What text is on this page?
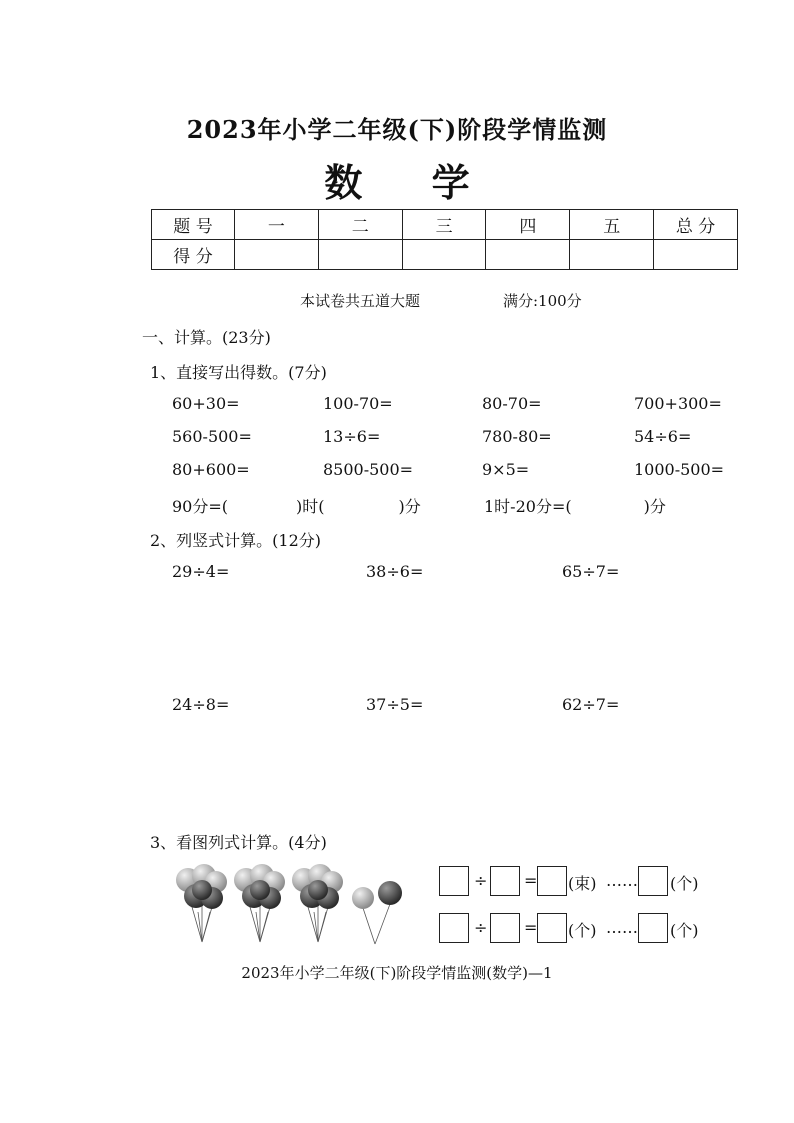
2023年小学二年级(下)阶段学情监测
数 学
题 号	一	二	三	四	五	总 分
得 分						
本试卷共五道大题	满分:100分
一、计算。(23分)
1、直接写出得数。(7分)
60+30=	100-70=	80-70=	700+300=
560-500=	13÷6=	780-80=	54÷6=
80+600=	8500-500=	9×5=	1000-500=
90分=(	)时(	)分	1时-20分=(	)分
2、列竖式计算。(12分)
29÷4=	38÷6=	65÷7=
24÷8=	37÷5=	62÷7=
3、看图列式计算。(4分)
÷ = (束) …… (个)
÷ = (个) …… (个)
2023年小学二年级(下)阶段学情监测(数学)—1
